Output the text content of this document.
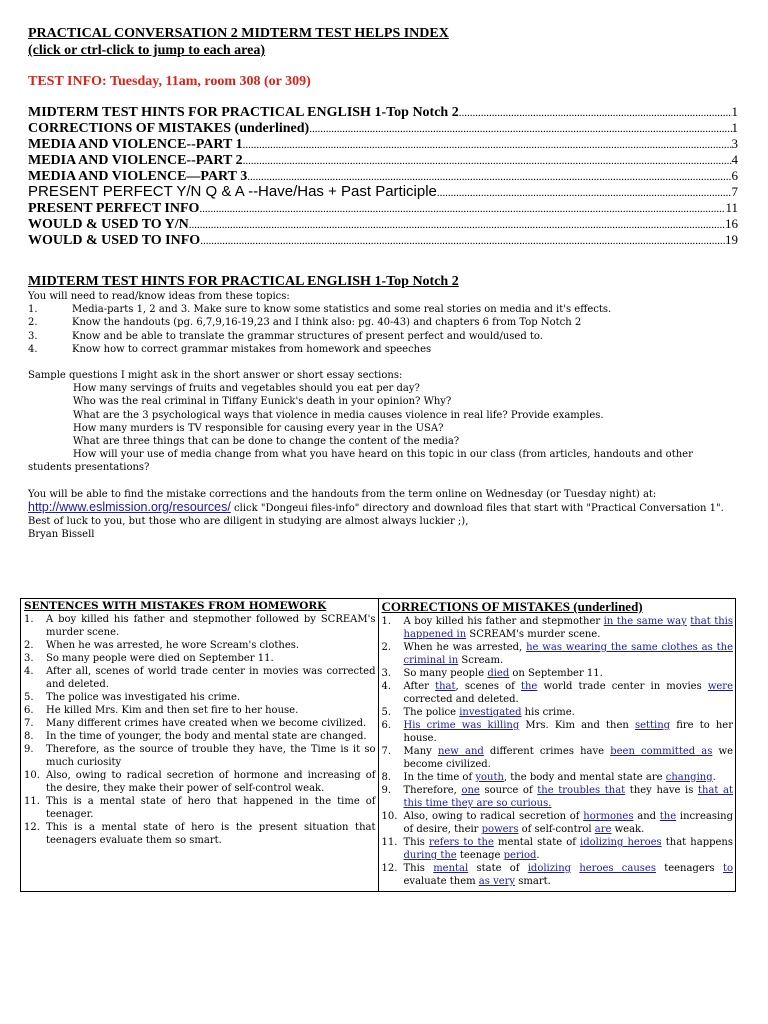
PRACTICAL CONVERSATION 2 MIDTERM TEST HELPS INDEX
(click or ctrl-click to jump to each area)
TEST INFO: Tuesday, 11am, room 308 (or 309)
MIDTERM TEST HINTS FOR PRACTICAL ENGLISH 1-Top Notch 2 .....	1
CORRECTIONS OF MISTAKES (underlined) .....	1
MEDIA AND VIOLENCE--PART 1 .....	3
MEDIA AND VIOLENCE--PART 2 .....	4
MEDIA AND VIOLENCE—PART 3 .....	6
PRESENT PERFECT Y/N Q & A --Have/Has + Past Participle .....	7
PRESENT PERFECT INFO .....	11
WOULD & USED TO Y/N .....	16
WOULD & USED TO INFO .....	19
MIDTERM TEST HINTS FOR PRACTICAL ENGLISH 1-Top Notch 2
You will need to read/know ideas from these topics:
1.	Media-parts 1, 2 and 3. Make sure to know some statistics and some real stories on media and it's effects.
2.	Know the handouts (pg. 6,7,9,16-19,23 and I think also: pg. 40-43) and chapters 6 from Top Notch 2
3.	Know and be able to translate the grammar structures of present perfect and would/used to.
4.	Know how to correct grammar mistakes from homework and speeches
Sample questions I might ask in the short answer or short essay sections:
How many servings of fruits and vegetables should you eat per day?
Who was the real criminal in Tiffany Eunick's death in your opinion? Why?
What are the 3 psychological ways that violence in media causes violence in real life? Provide examples.
How many murders is TV responsible for causing every year in the USA?
What are three things that can be done to change the content of the media?
How will your use of media change from what you have heard on this topic in our class (from articles, handouts and other students presentations?
You will be able to find the mistake corrections and the handouts from the term online on Wednesday (or Tuesday night) at:
http://www.eslmission.org/resources/ click "Dongeui files-info" directory and download files that start with "Practical Conversation 1".
Best of luck to you, but those who are diligent in studying are almost always luckier ;),
Bryan Bissell
SENTENCES WITH MISTAKES FROM HOMEWORK
1.	A boy killed his father and stepmother followed by SCREAM's murder scene.
2.	When he was arrested, he wore Scream's clothes.
3.	So many people were died on September 11.
4.	After all, scenes of world trade center in movies was corrected and deleted.
5.	The police was investigated his crime.
6.	He killed Mrs. Kim and then set fire to her house.
7.	Many different crimes have created when we become civilized.
8.	In the time of younger, the body and mental state are changed.
9.	Therefore, as the source of trouble they have, the Time is it so much curiosity
10. Also, owing to radical secretion of hormone and increasing of the desire, they make their power of self-control weak.
11. This is a mental state of hero that happened in the time of teenager.
12. This is a mental state of hero is the present situation that teenagers evaluate them so smart.

CORRECTIONS OF MISTAKES (underlined)
1.	A boy killed his father and stepmother in the same way that this happened in SCREAM's murder scene.
2.	When he was arrested, he was wearing the same clothes as the criminal in Scream.
3.	So many people died on September 11.
4.	After that, scenes of the world trade center in movies were corrected and deleted.
5.	The police investigated his crime.
6.	His crime was killing Mrs. Kim and then setting fire to her house.
7.	Many new and different crimes have been committed as we become civilized.
8.	In the time of youth, the body and mental state are changing.
9.	Therefore, one source of the troubles that they have is that at this time they are so curious.
10. Also, owing to radical secretion of hormones and the increasing of desire, their powers of self-control are weak.
11. This refers to the mental state of idolizing heroes that happens during the teenage period.
12. This mental state of idolizing heroes causes teenagers to evaluate them as very smart.
